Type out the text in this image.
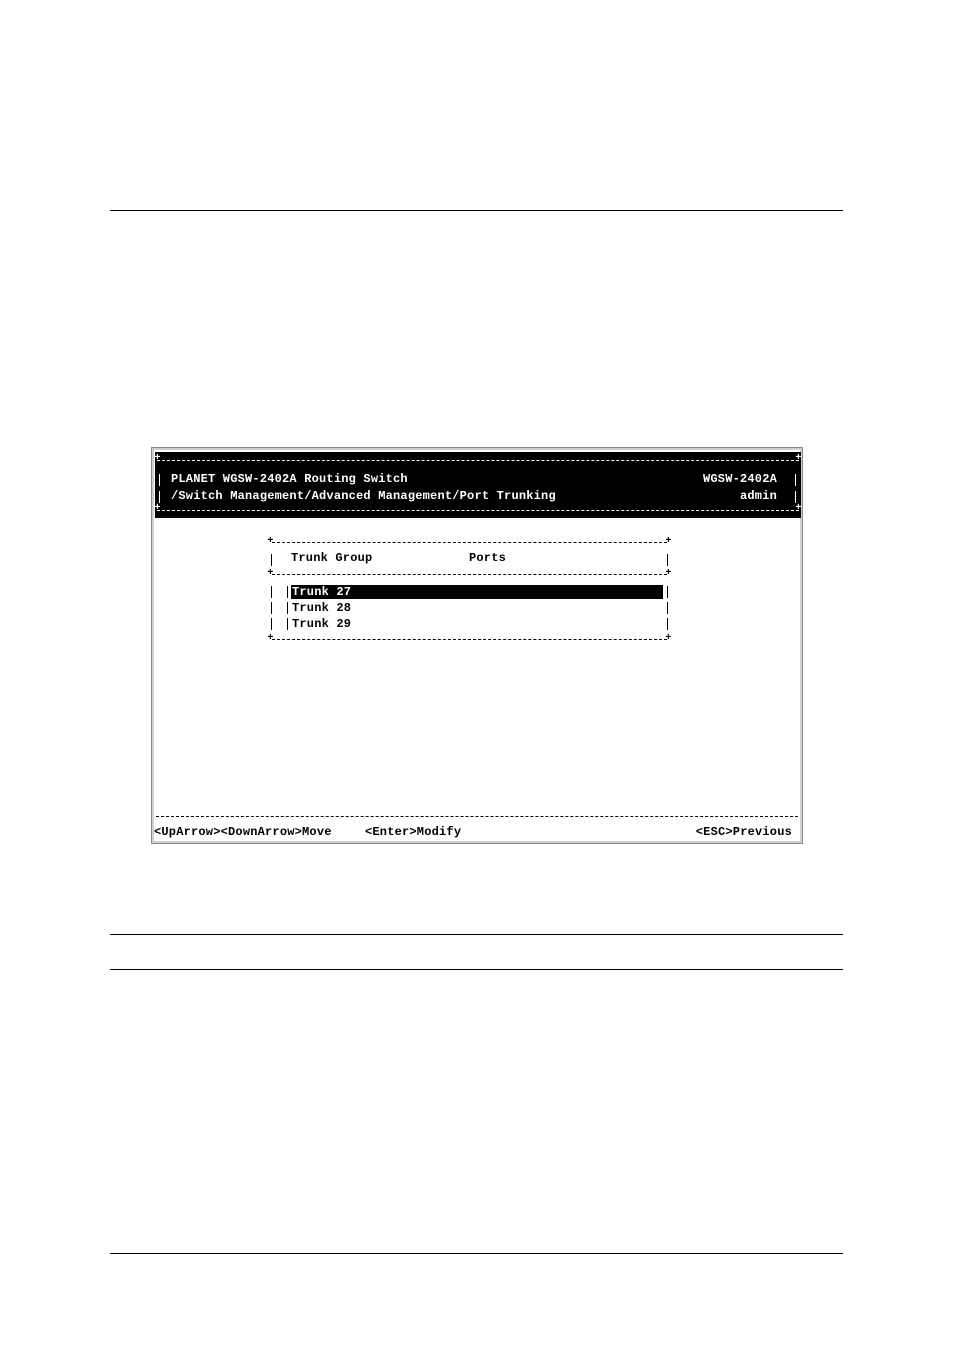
+	+
+	+
PLANET WGSW-2402A Routing Switch
/Switch Management/Advanced Management/Port Trunking
WGSW-2402A
admin
+	+
+	+
+	+
Trunk Group	Ports
Trunk 27
Trunk 28
Trunk 29
<UpArrow><DownArrow>Move	<Enter>Modify	<ESC>Previous
